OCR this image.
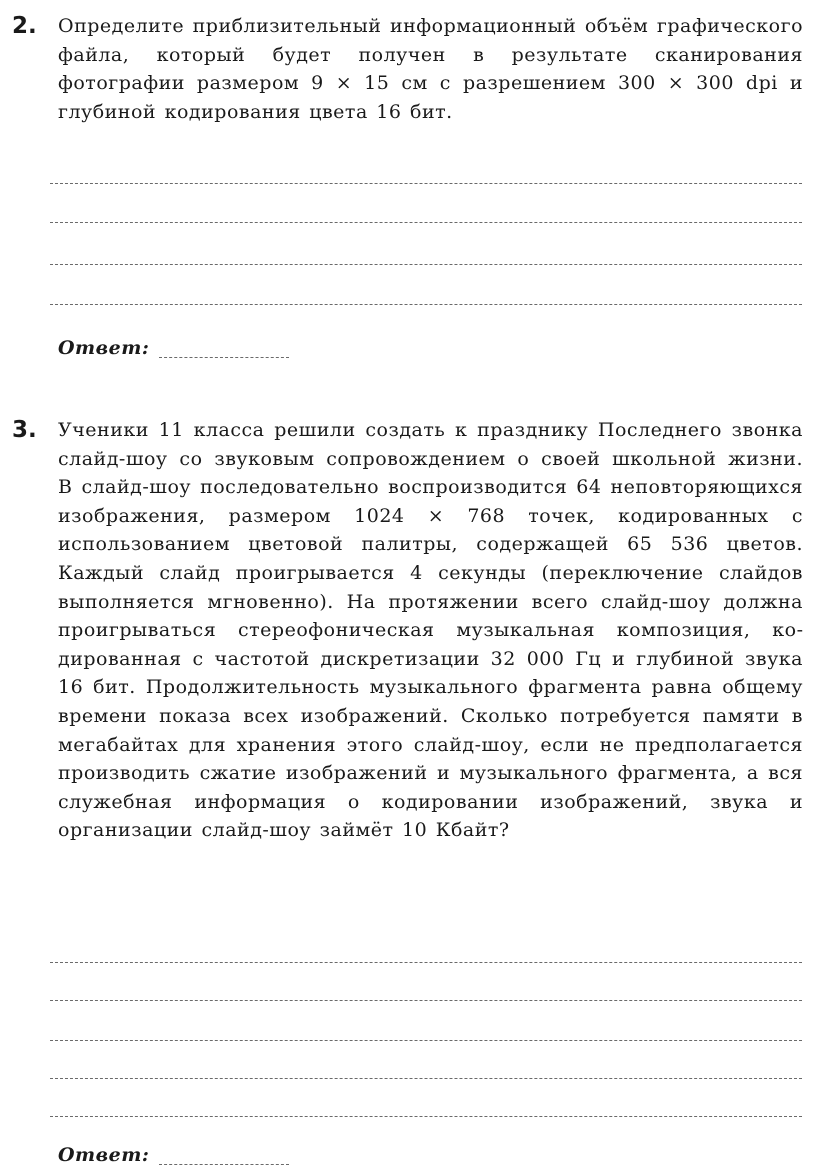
2. Определите приблизительный информационный объём графического файла, который будет получен в результате сканирования фотографии размером 9 × 15 см с разрешением 300 × 300 dpi и глубиной кодирования цвета 16 бит.

Ответ:
3. Ученики 11 класса решили создать к празднику Последнего звонка слайд-шоу со звуковым сопровождением о своей школьной жизни. В слайд-шоу последовательно воспроизводится 64 неповторяющихся изображения, размером 1024 × 768 точек, кодированных с использованием цветовой палитры, содержащей 65 536 цветов. Каждый слайд проигрывается 4 секунды (переключение слайдов выполняется мгновенно). На протяжении всего слайд-шоу должна проигрываться стереофоническая музыкальная композиция, кодированная с частотой дискретизации 32 000 Гц и глубиной звука 16 бит. Продолжительность музыкального фрагмента равна общему времени показа всех изображений. Сколько потребуется памяти в мегабайтах для хранения этого слайд-шоу, если не предполагается производить сжатие изображений и музыкального фрагмента, а вся служебная информация о кодировании изображений, звука и организации слайд-шоу займёт 10 Кбайт?

Ответ:
